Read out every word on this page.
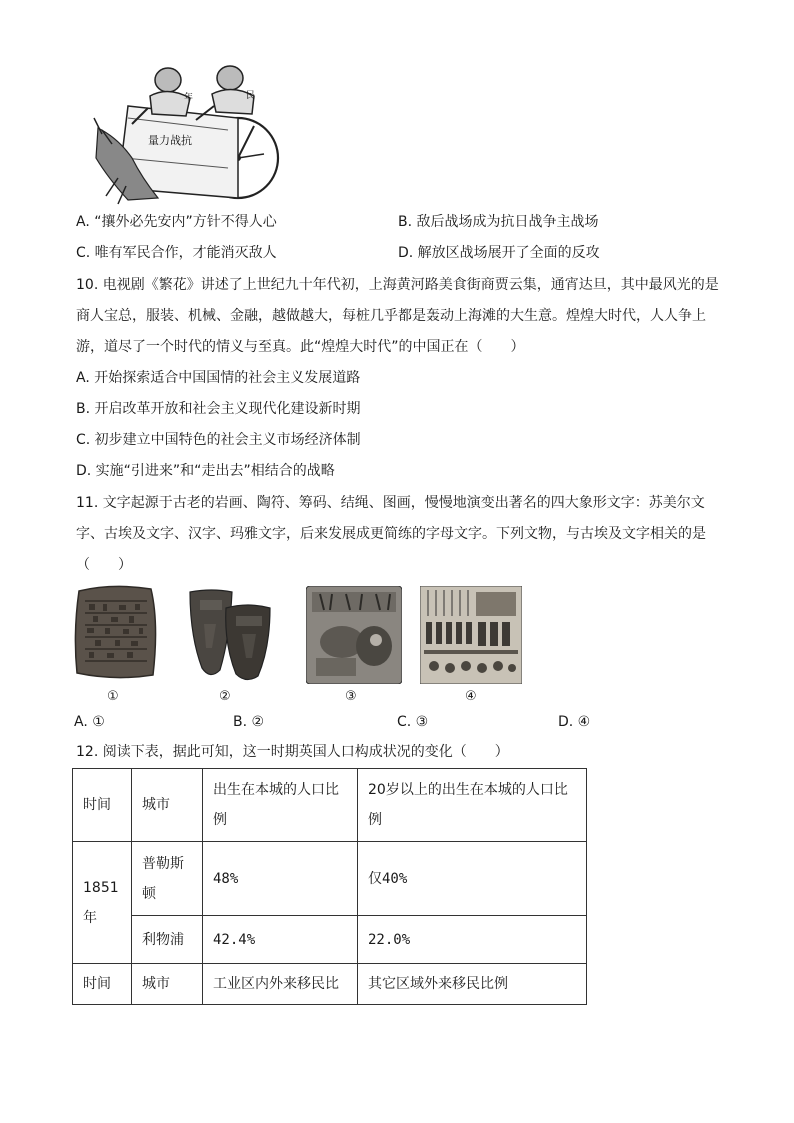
量力战抗
年	民
A. “攘外必先安内”方针不得人心	B. 敌后战场成为抗日战争主战场
C. 唯有军民合作，才能消灭敌人	D. 解放区战场展开了全面的反攻
10. 电视剧《繁花》讲述了上世纪九十年代初，上海黄河路美食街商贾云集，通宵达旦，其中最风光的是
商人宝总，服装、机械、金融，越做越大，每桩几乎都是轰动上海滩的大生意。煌煌大时代，人人争上
游，道尽了一个时代的情义与至真。此“煌煌大时代”的中国正在（　　）
A. 开始探索适合中国国情的社会主义发展道路
B. 开启改革开放和社会主义现代化建设新时期
C. 初步建立中国特色的社会主义市场经济体制
D. 实施“引进来”和“走出去”相结合的战略
11. 文字起源于古老的岩画、陶符、筹码、结绳、图画，慢慢地演变出著名的四大象形文字：苏美尔文
字、古埃及文字、汉字、玛雅文字，后来发展成更简练的字母文字。下列文物，与古埃及文字相关的是
（　　）
①	②	③	④
A. ①	B. ②	C. ③	D. ④
12. 阅读下表，据此可知，这一时期英国人口构成状况的变化（　　）
时间	城市	出生在本城的人口比例	20岁以上的出生在本城的人口比例
1851年	普勒斯顿	48%	仅40%
	利物浦	42.4%	22.0%
时间	城市	工业区内外来移民比	其它区域外来移民比例
